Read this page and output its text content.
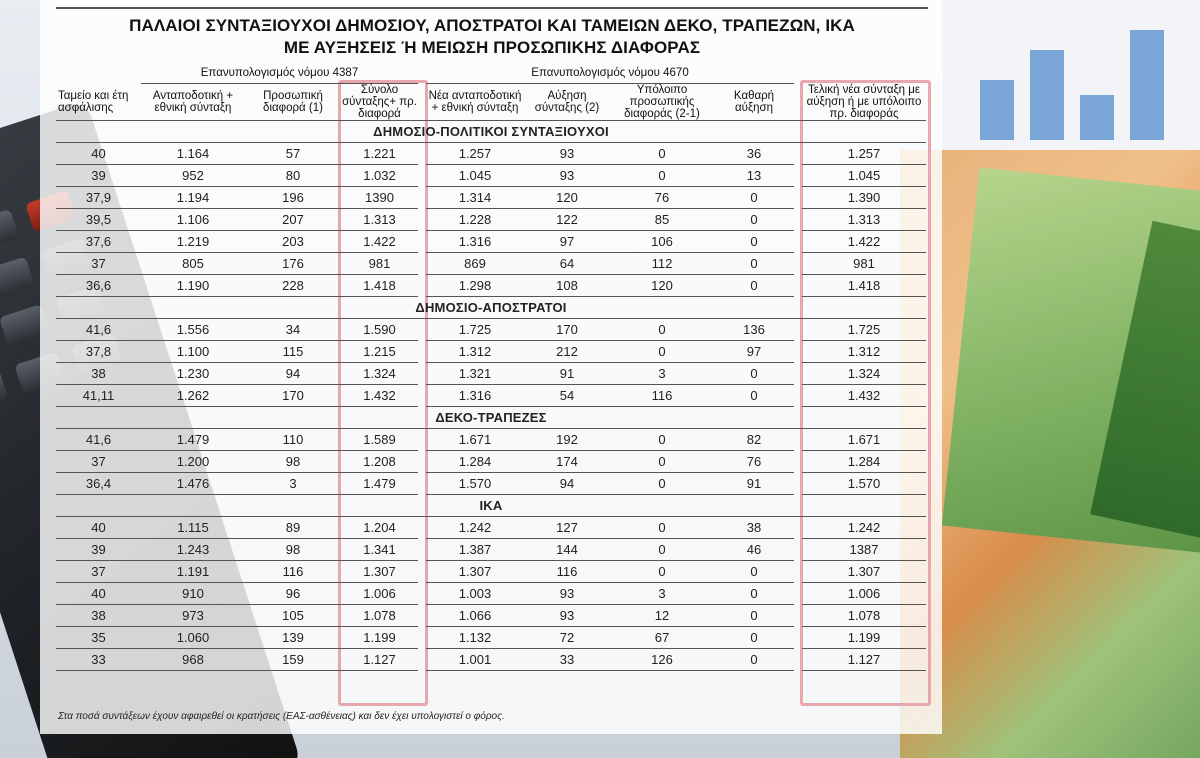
ΠΑΛΑΙΟΙ ΣΥΝΤΑΞΙΟΥΧΟΙ ΔΗΜΟΣΙΟΥ, ΑΠΟΣΤΡΑΤΟΙ ΚΑΙ ΤΑΜΕΙΩΝ ΔΕΚΟ, ΤΡΑΠΕΖΩΝ, ΙΚΑ
ΜΕ ΑΥΞΗΣΕΙΣ Ή ΜΕΙΩΣΗ ΠΡΟΣΩΠΙΚΗΣ ΔΙΑΦΟΡΑΣ
	Επανυπολογισμός νόμου 4387				Επανυπολογισμός νόμου 4670					
Ταμείο και έτη ασφάλισης	Ανταποδοτική + εθνική σύνταξη	Προσωπική διαφορά (1)	Σύνολο σύνταξης+ πρ. διαφορά		Νέα ανταποδοτική + εθνική σύνταξη	Αύξηση σύνταξης (2)	Υπόλοιπο προσωπικής διαφοράς (2-1)	Καθαρή αύξηση		Τελική νέα σύνταξη με αύξηση ή με υπόλοιπο πρ. διαφοράς
ΔΗΜΟΣΙΟ-ΠΟΛΙΤΙΚΟΙ ΣΥΝΤΑΞΙΟΥΧΟΙ										
40	1.164	57	1.221		1.257	93	0	36		1.257
39	952	80	1.032		1.045	93	0	13		1.045
37,9	1.194	196	1390		1.314	120	76	0		1.390
39,5	1.106	207	1.313		1.228	122	85	0		1.313
37,6	1.219	203	1.422		1.316	97	106	0		1.422
37	805	176	981		869	64	112	0		981
36,6	1.190	228	1.418		1.298	108	120	0		1.418
ΔΗΜΟΣΙΟ-ΑΠΟΣΤΡΑΤΟΙ										
41,6	1.556	34	1.590		1.725	170	0	136		1.725
37,8	1.100	115	1.215		1.312	212	0	97		1.312
38	1.230	94	1.324		1.321	91	3	0		1.324
41,11	1.262	170	1.432		1.316	54	116	0		1.432
ΔΕΚΟ-ΤΡΑΠΕΖΕΣ										
41,6	1.479	110	1.589		1.671	192	0	82		1.671
37	1.200	98	1.208		1.284	174	0	76		1.284
36,4	1.476	3	1.479		1.570	94	0	91		1.570
ΙΚΑ										
40	1.115	89	1.204		1.242	127	0	38		1.242
39	1.243	98	1.341		1.387	144	0	46		1387
37	1.191	116	1.307		1.307	116	0	0		1.307
40	910	96	1.006		1.003	93	3	0		1.006
38	973	105	1.078		1.066	93	12	0		1.078
35	1.060	139	1.199		1.132	72	67	0		1.199
33	968	159	1.127		1.001	33	126	0		1.127
Στα ποσά συντάξεων έχουν αφαιρεθεί οι κρατήσεις (ΕΑΣ-ασθένειας) και δεν έχει υπολογιστεί ο φόρος.
